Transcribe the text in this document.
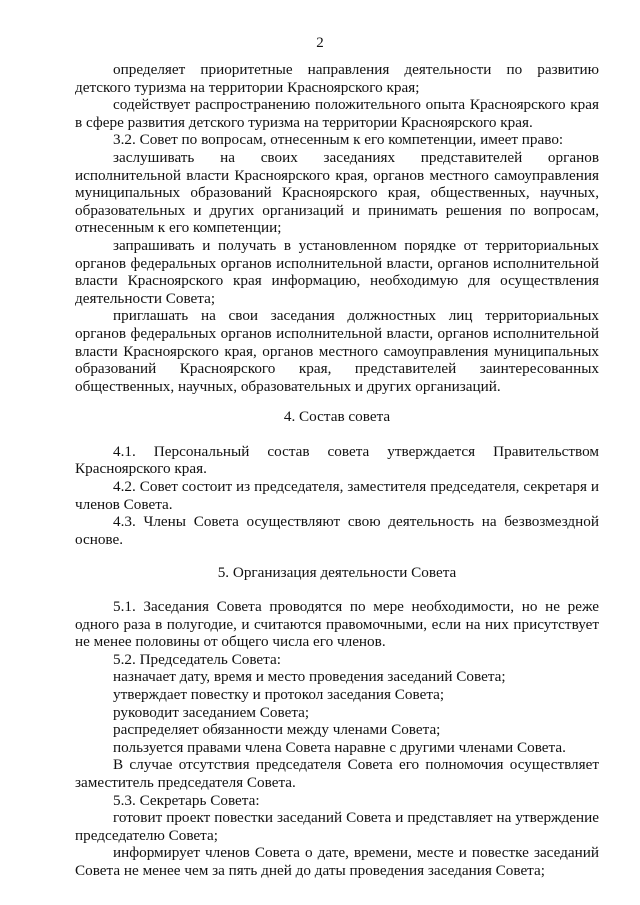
2

определяет приоритетные направления деятельности по развитию детского туризма на территории Красноярского края;

содействует распространению положительного опыта Красноярского края в сфере развития детского туризма на территории Красноярского края.

3.2. Совет по вопросам, отнесенным к его компетенции, имеет право:

заслушивать на своих заседаниях представителей органов исполнительной власти Красноярского края, органов местного самоуправления муниципальных образований Красноярского края, общественных, научных, образовательных и других организаций и принимать решения по вопросам, отнесенным к его компетенции;

запрашивать и получать в установленном порядке от территориальных органов федеральных органов исполнительной власти, органов исполнительной власти Красноярского края информацию, необходимую для осуществления деятельности Совета;

приглашать на свои заседания должностных лиц территориальных органов федеральных органов исполнительной власти, органов исполнительной власти Красноярского края, органов местного самоуправления муниципальных образований Красноярского края, представителей заинтересованных общественных, научных, образовательных и других организаций.

4. Состав совета

4.1. Персональный состав совета утверждается Правительством Красноярского края.

4.2. Совет состоит из председателя, заместителя председателя, секретаря и членов Совета.

4.3. Члены Совета осуществляют свою деятельность на безвозмездной основе.

5. Организация деятельности Совета

5.1. Заседания Совета проводятся по мере необходимости, но не реже одного раза в полугодие, и считаются правомочными, если на них присутствует не менее половины от общего числа его членов.

5.2. Председатель Совета:

назначает дату, время и место проведения заседаний Совета;

утверждает повестку и протокол заседания Совета;

руководит заседанием Совета;

распределяет обязанности между членами Совета;

пользуется правами члена Совета наравне с другими членами Совета.

В случае отсутствия председателя Совета его полномочия осуществляет заместитель председателя Совета.

5.3. Секретарь Совета:

готовит проект повестки заседаний Совета и представляет на утверждение председателю Совета;

информирует членов Совета о дате, времени, месте и повестке заседаний Совета не менее чем за пять дней до даты проведения заседания Совета;
